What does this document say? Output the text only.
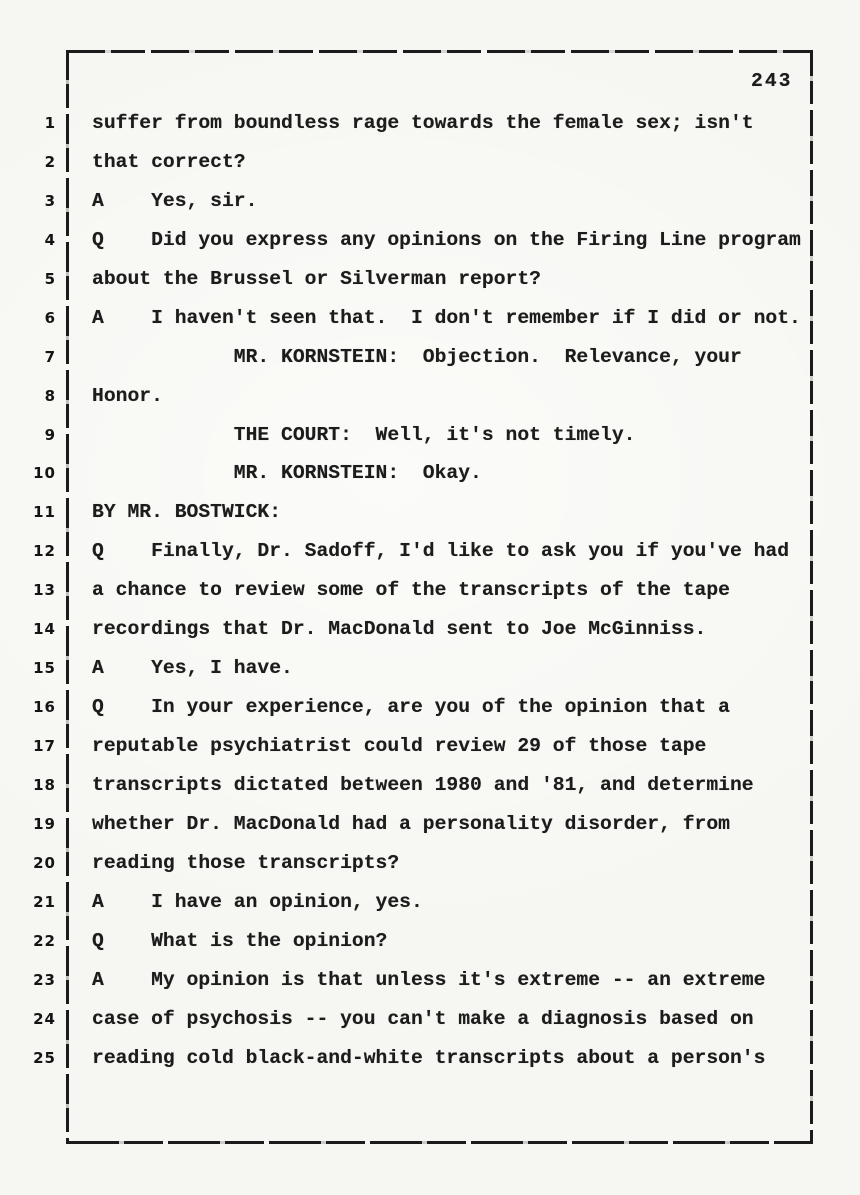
243
1 suffer from boundless rage towards the female sex; isn't
2 that correct?
3 A    Yes, sir.
4 Q    Did you express any opinions on the Firing Line program
5 about the Brussel or Silverman report?
6 A    I haven't seen that.  I don't remember if I did or not.
7 MR. KORNSTEIN:  Objection.  Relevance, your
8 Honor.
9 THE COURT:  Well, it's not timely.
10 MR. KORNSTEIN:  Okay.
11 BY MR. BOSTWICK:
12 Q    Finally, Dr. Sadoff, I'd like to ask you if you've had
13 a chance to review some of the transcripts of the tape
14 recordings that Dr. MacDonald sent to Joe McGinniss.
15 A    Yes, I have.
16 Q    In your experience, are you of the opinion that a
17 reputable psychiatrist could review 29 of those tape
18 transcripts dictated between 1980 and '81, and determine
19 whether Dr. MacDonald had a personality disorder, from
20 reading those transcripts?
21 A    I have an opinion, yes.
22 Q    What is the opinion?
23 A    My opinion is that unless it's extreme -- an extreme
24 case of psychosis -- you can't make a diagnosis based on
25 reading cold black-and-white transcripts about a person's
